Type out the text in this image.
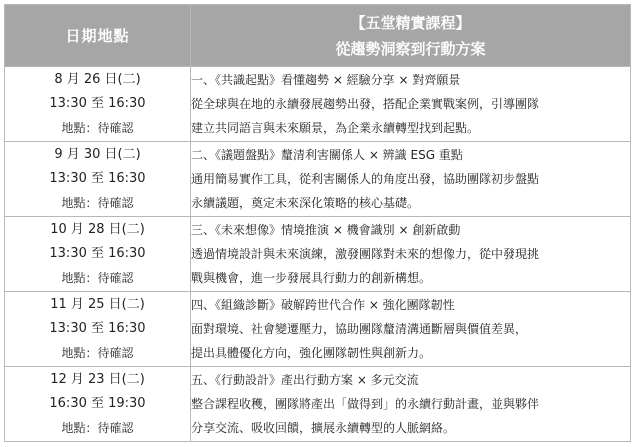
日期地點	【五堂精實課程】
從趨勢洞察到行動方案

8 月 26 日(二)
13:30 至 16:30
地點：待確認	一、《共識起點》看懂趨勢 × 經驗分享 × 對齊願景
從全球與在地的永續發展趨勢出發，搭配企業實戰案例，引導團隊
建立共同語言與未來願景，為企業永續轉型找到起點。

9 月 30 日(二)
13:30 至 16:30
地點：待確認	二、《議題盤點》釐清利害關係人 × 辨識 ESG 重點
通用簡易實作工具，從利害關係人的角度出發，協助團隊初步盤點
永續議題，奠定未來深化策略的核心基礎。

10 月 28 日(二)
13:30 至 16:30
地點：待確認	三、《未來想像》情境推演 × 機會識別 × 創新啟動
透過情境設計與未來演練，激發團隊對未來的想像力，從中發現挑
戰與機會，進一步發展具行動力的創新構想。

11 月 25 日(二)
13:30 至 16:30
地點：待確認	四、《組織診斷》破解跨世代合作 × 強化團隊韌性
面對環境、社會變遷壓力，協助團隊釐清溝通斷層與價值差異，
提出具體優化方向，強化團隊韌性與創新力。

12 月 23 日(二)
16:30 至 19:30
地點：待確認	五、《行動設計》產出行動方案 × 多元交流
整合課程收穫，團隊將產出「做得到」的永續行動計畫，並與夥伴
分享交流、吸收回饋，擴展永續轉型的人脈網絡。
